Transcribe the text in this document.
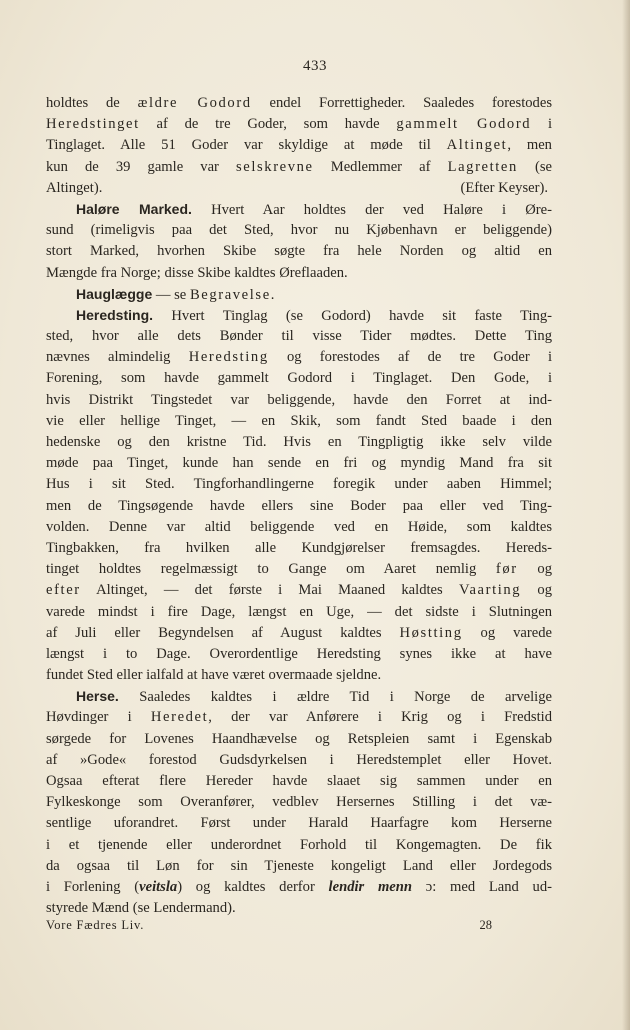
433
holdtes de ældre Godord endel Forrettigheder. Saaledes forestodes
Heredstinget af de tre Goder, som havde gammelt Godord i
Tinglaget. Alle 51 Goder var skyldige at møde til Altinget, men
kun de 39 gamle var selskrevne Medlemmer af Lagretten (se
Altinget).	(Efter Keyser).
Haløre Marked. Hvert Aar holdtes der ved Haløre i Øre-
sund (rimeligvis paa det Sted, hvor nu Kjøbenhavn er beliggende)
stort Marked, hvorhen Skibe søgte fra hele Norden og altid en
Mængde fra Norge; disse Skibe kaldtes Øreflaaden.
Hauglægge — se Begravelse.
Heredsting. Hvert Tinglag (se Godord) havde sit faste Ting-
sted, hvor alle dets Bønder til visse Tider mødtes. Dette Ting
nævnes almindelig Heredsting og forestodes af de tre Goder i
Forening, som havde gammelt Godord i Tinglaget. Den Gode, i
hvis Distrikt Tingstedet var beliggende, havde den Forret at ind-
vie eller hellige Tinget, — en Skik, som fandt Sted baade i den
hedenske og den kristne Tid. Hvis en Tingpligtig ikke selv vilde
møde paa Tinget, kunde han sende en fri og myndig Mand fra sit
Hus i sit Sted. Tingforhandlingerne foregik under aaben Himmel;
men de Tingsøgende havde ellers sine Boder paa eller ved Ting-
volden. Denne var altid beliggende ved en Høide, som kaldtes
Tingbakken, fra hvilken alle Kundgjørelser fremsagdes. Hereds-
tinget holdtes regelmæssigt to Gange om Aaret nemlig før og
efter Altinget, — det første i Mai Maaned kaldtes Vaarting og
varede mindst i fire Dage, længst en Uge, — det sidste i Slutningen
af Juli eller Begyndelsen af August kaldtes Høstting og varede
længst i to Dage. Overordentlige Heredsting synes ikke at have
fundet Sted eller ialfald at have været overmaade sjeldne.
Herse. Saaledes kaldtes i ældre Tid i Norge de arvelige
Høvdinger i Heredet, der var Anførere i Krig og i Fredstid
sørgede for Lovenes Haandhævelse og Retspleien samt i Egenskab
af »Gode« forestod Gudsdyrkelsen i Heredstemplet eller Hovet.
Ogsaa efterat flere Hereder havde slaaet sig sammen under en
Fylkeskonge som Overanfører, vedblev Hersernes Stilling i det væ-
sentlige uforandret. Først under Harald Haarfagre kom Herserne
i et tjenende eller underordnet Forhold til Kongemagten. De fik
da ogsaa til Løn for sin Tjeneste kongeligt Land eller Jordegods
i Forlening (veitsla) og kaldtes derfor lendir menn ɔ: med Land ud-
styrede Mænd (se Lendermand).
Vore Fædres Liv.	28
